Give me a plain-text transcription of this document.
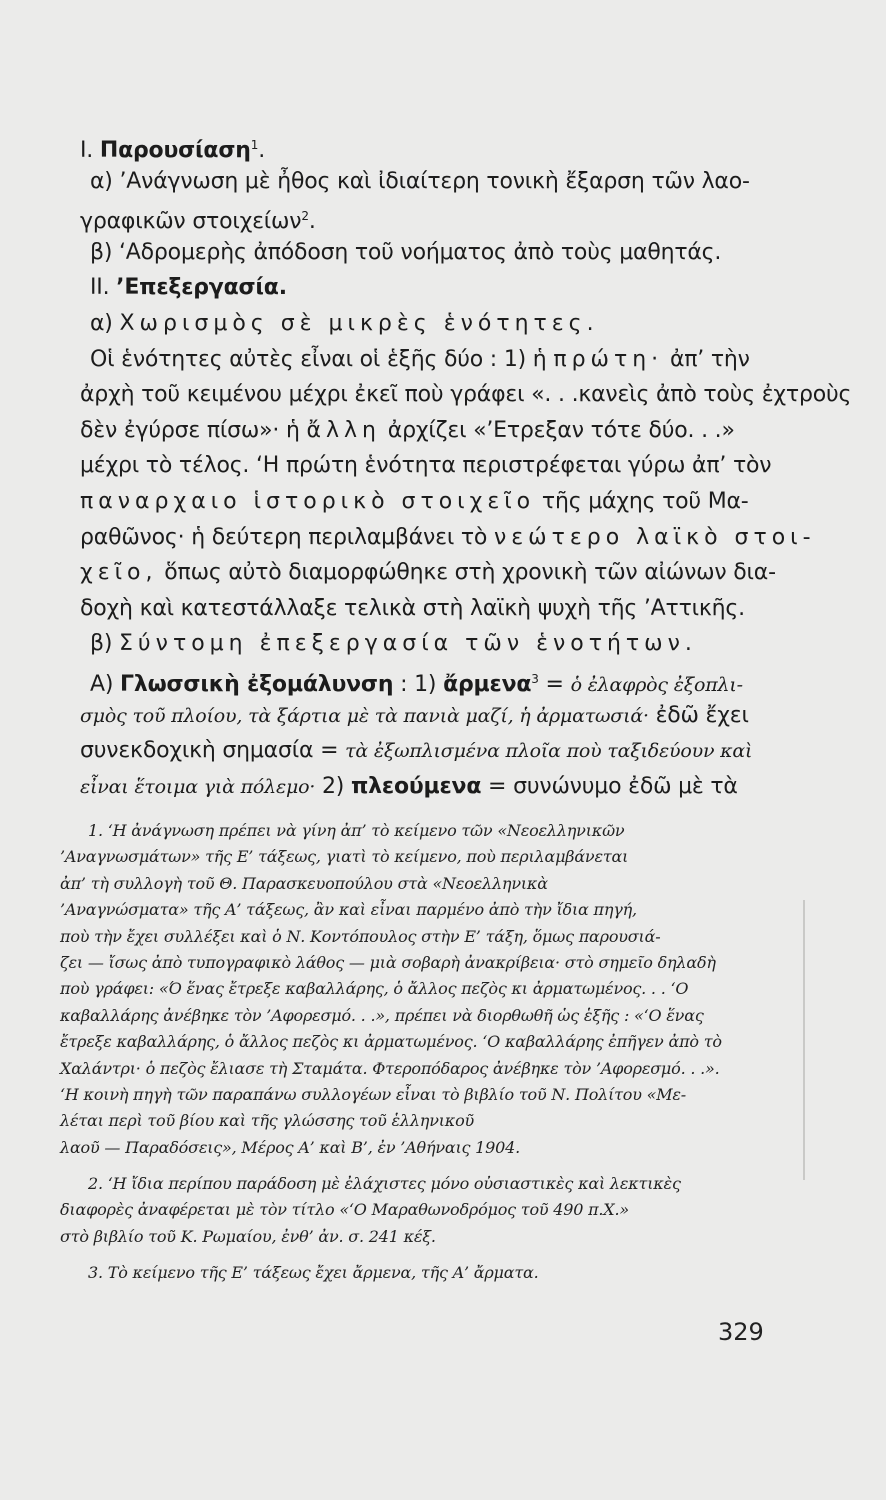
Ι. Παρουσίαση$^1$.
α) ’Ανάγνωση μὲ ἦθος καὶ ἰδιαίτερη τονικὴ ἔξαρση τῶν λαο-
γραφικῶν στοιχείων$^2$.
β) ‘Αδρομερὴς ἀπόδοση τοῦ νοήματος ἀπὸ τοὺς μαθητάς.
ΙΙ. ’Επεξεργασία.
α) Χωρισμὸς σὲ μικρὲς ἑνότητες.
Οἱ ἑνότητες αὐτὲς εἶναι οἱ ἑξῆς δύο : 1) ἡ πρώτη· ἀπ’ τὴν
ἀρχὴ τοῦ κειμένου μέχρι ἐκεῖ ποὺ γράφει «. . .κανεὶς ἀπὸ τοὺς ἐχτροὺς
δὲν ἐγύρσε πίσω»· ἡ ἄλλη ἀρχίζει «’Ετρεξαν τότε δύο. . .»
μέχρι τὸ τέλος. ‘Η πρώτη ἑνότητα περιστρέφεται γύρω ἀπ’ τὸν
παναρχαιο ἱστορικὸ στοιχεῖο τῆς μάχης τοῦ Μα-
ραθῶνος· ἡ δεύτερη περιλαμβάνει τὸ νεώτερο λαϊκὸ στοι-
χεῖο, ὅπως αὐτὸ διαμορφώθηκε στὴ χρονικὴ τῶν αἰώνων δια-
δοχὴ καὶ κατεστάλλαξε τελικὰ στὴ λαϊκὴ ψυχὴ τῆς ’Αττικῆς.
β) Σύντομη ἐπεξεργασία τῶν ἑνοτήτων.
Α) Γλωσσικὴ ἐξομάλυνση : 1) ἄρμενα$^3$ = ὁ ἐλαφρὸς ἐξοπλι-
σμὸς τοῦ πλοίου, τὰ ξάρτια μὲ τὰ πανιὰ μαζί, ἡ ἀρματωσιά· ἐδῶ ἔχει
συνεκδοχικὴ σημασία = τὰ ἐξωπλισμένα πλοῖα ποὺ ταξιδεύουν καὶ
εἶναι ἕτοιμα γιὰ πόλεμο· 2) πλεούμενα = συνώνυμο ἐδῶ μὲ τὰ
1. ‘Η ἀνάγνωση πρέπει νὰ γίνη ἀπ’ τὸ κείμενο τῶν «Νεοελληνικῶν
’Αναγνωσμάτων» τῆς Ε’ τάξεως, γιατὶ τὸ κείμενο, ποὺ περιλαμβάνεται
ἀπ’ τὴ συλλογὴ τοῦ Θ. Παρασκευοπούλου στὰ «Νεοελληνικὰ
’Αναγνώσματα» τῆς Α’ τάξεως, ἂν καὶ εἶναι παρμένο ἀπὸ τὴν ἴδια πηγή,
ποὺ τὴν ἔχει συλλέξει καὶ ὁ Ν. Κοντόπουλος στὴν Ε’ τάξη, ὅμως παρουσιά-
ζει — ἴσως ἀπὸ τυπογραφικὸ λάθος — μιὰ σοβαρὴ ἀνακρίβεια· στὸ σημεῖο δηλαδὴ
ποὺ γράφει: «Ό ἕνας ἔτρεξε καβαλλάρης, ὁ ἄλλος πεζὸς κι ἀρματωμένος. . . ‘Ο
καβαλλάρης ἀνέβηκε τὸν ’Αφορεσμό. . .», πρέπει νὰ διορθωθῆ ὡς ἑξῆς : «‘Ο ἕνας
ἔτρεξε καβαλλάρης, ὁ ἄλλος πεζὸς κι ἀρματωμένος. ‘Ο καβαλλάρης ἐπῆγεν ἀπὸ τὸ
Χαλάντρι· ὁ πεζὸς ἔλιασε τὴ Σταμάτα. Φτεροπόδαρος ἀνέβηκε τὸν ’Αφορεσμό. . .».
‘Η κοινὴ πηγὴ τῶν παραπάνω συλλογέων εἶναι τὸ βιβλίο τοῦ Ν. Πολίτου «Με-
λέται περὶ τοῦ βίου καὶ τῆς γλώσσης τοῦ ἑλληνικοῦ
λαοῦ — Παραδόσεις», Μέρος Α’ καὶ Β’, ἐν ’Αθήναις 1904.
2. ‘Η ἴδια περίπου παράδοση μὲ ἐλάχιστες μόνο οὐσιαστικὲς καὶ λεκτικὲς
διαφορὲς ἀναφέρεται μὲ τὸν τίτλο «‘Ο Μαραθωνοδρόμος τοῦ 490 π.Χ.»
στὸ βιβλίο τοῦ Κ. Ρωμαίου, ἐνθ’ ἀν. σ. 241 κέξ.
3. Τὸ κείμενο τῆς Ε’ τάξεως ἔχει ἄρμενα, τῆς Α’ ἄρματα.
329
